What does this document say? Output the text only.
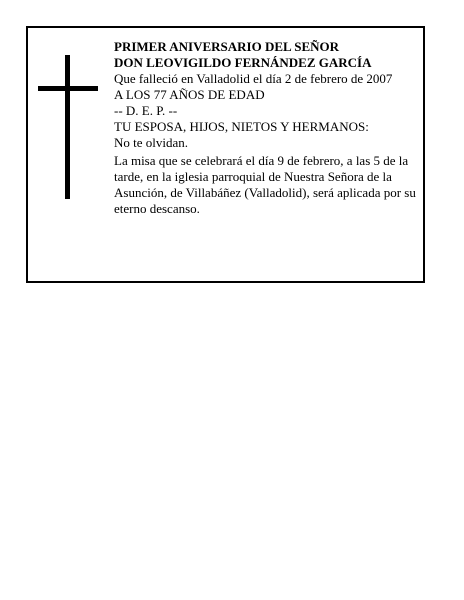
PRIMER ANIVERSARIO DEL SEÑOR

DON LEOVIGILDO FERNÁNDEZ GARCÍA

Que falleció en Valladolid el día 2 de febrero de 2007

A LOS 77 AÑOS DE EDAD

-- D. E. P. --

TU ESPOSA, HIJOS, NIETOS Y HERMANOS:

No te olvidan.

La misa que se celebrará el día 9 de febrero, a las 5 de la tarde, en la iglesia parroquial de Nuestra Señora de la Asunción, de Villabáñez (Valladolid), será aplicada por su eterno descanso.
